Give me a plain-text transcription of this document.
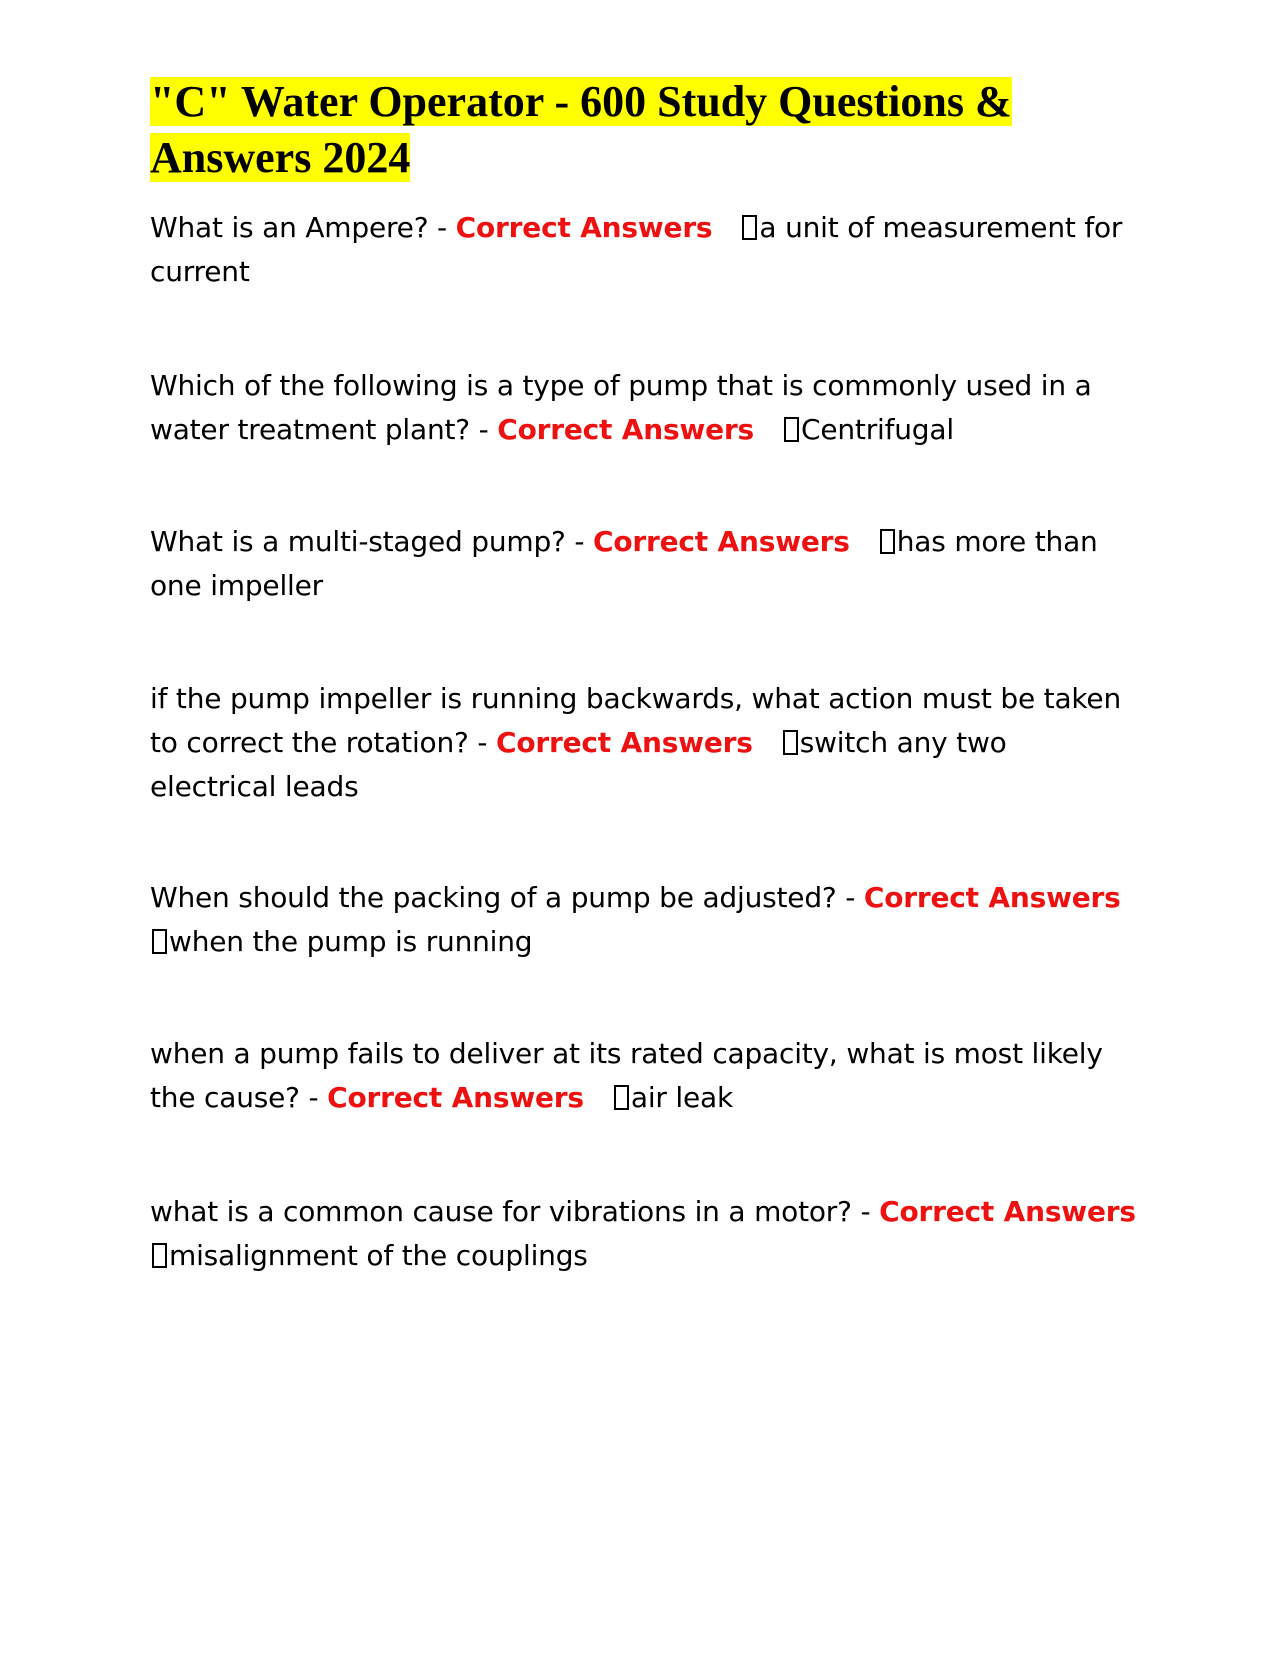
"C" Water Operator - 600 Study Questions & Answers 2024

What is an Ampere? - Correct Answers a unit of measurement for current

Which of the following is a type of pump that is commonly used in a water treatment plant? - Correct Answers Centrifugal

What is a multi-staged pump? - Correct Answers has more than one impeller

if the pump impeller is running backwards, what action must be taken to correct the rotation? - Correct Answers switch any two electrical leads

When should the packing of a pump be adjusted? - Correct Answers
when the pump is running

when a pump fails to deliver at its rated capacity, what is most likely the cause? - Correct Answers air leak

what is a common cause for vibrations in a motor? - Correct Answers
misalignment of the couplings
